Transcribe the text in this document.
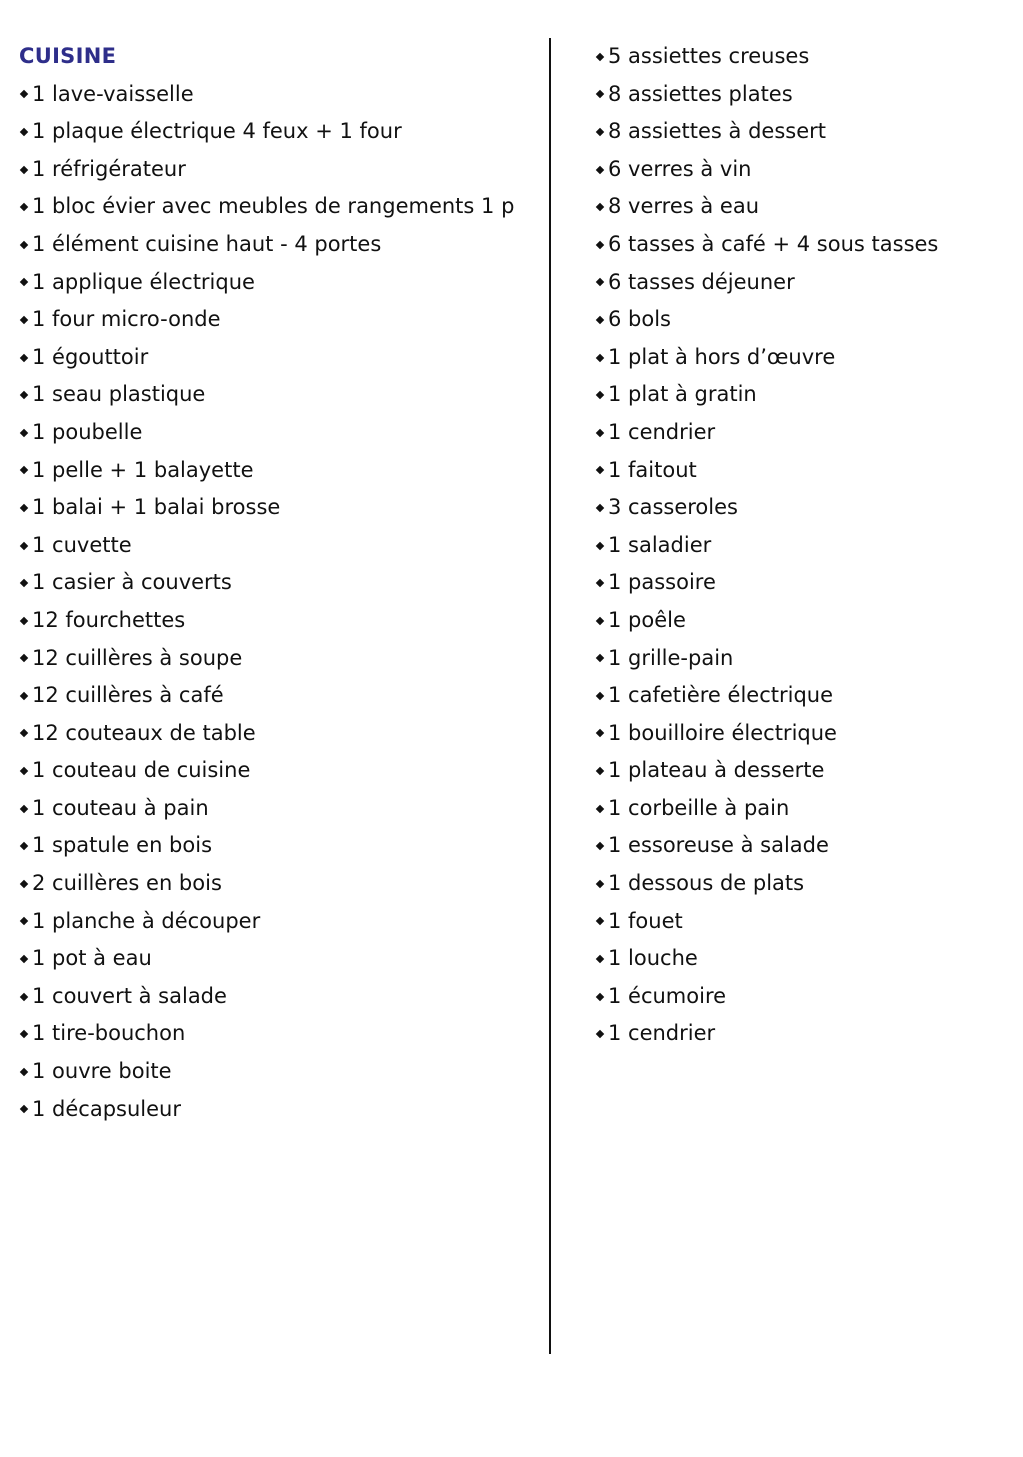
CUISINE
1 lave-vaisselle
1 plaque électrique 4 feux + 1 four
1 réfrigérateur
1 bloc évier avec meubles de rangements 1 p
1 élément cuisine haut - 4 portes
1 applique électrique
1 four micro-onde
1 égouttoir
1 seau plastique
1 poubelle
1 pelle + 1 balayette
1 balai + 1 balai brosse
1 cuvette
1 casier à couverts
12 fourchettes
12 cuillères à soupe
12 cuillères à café
12 couteaux de table
1 couteau de cuisine
1 couteau à pain
1 spatule en bois
2 cuillères en bois
1 planche à découper
1 pot à eau
1 couvert à salade
1 tire-bouchon
1 ouvre boite
1 décapsuleur
5 assiettes creuses
8 assiettes plates
8 assiettes à dessert
6 verres à vin
8 verres à eau
6 tasses à café + 4 sous tasses
6 tasses déjeuner
6 bols
1 plat à hors d’œuvre
1 plat à gratin
1 cendrier
1 faitout
3 casseroles
1 saladier
1 passoire
1 poêle
1 grille-pain
1 cafetière électrique
1 bouilloire électrique
1 plateau à desserte
1 corbeille à pain
1 essoreuse à salade
1 dessous de plats
1 fouet
1 louche
1 écumoire
1 cendrier
